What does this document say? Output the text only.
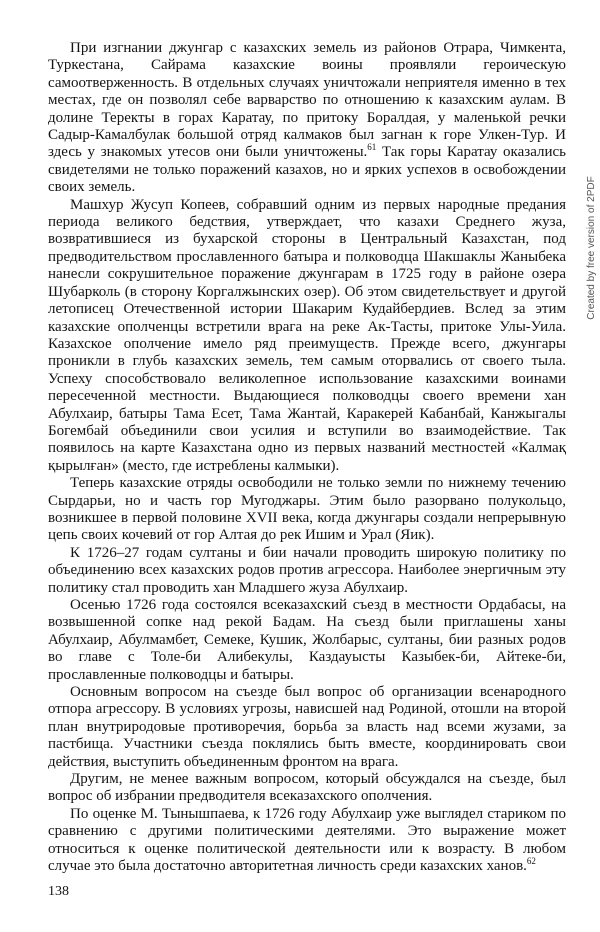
При изгнании джунгар с казахских земель из районов Отрара, Чимкента, Туркестана, Сайрама казахские воины проявляли героическую самоотверженность. В отдельных случаях уничтожали неприятеля именно в тех местах, где он позволял себе варварство по отношению к казахским аулам. В долине Теректы в горах Каратау, по притоку Боралдая, у маленькой речки Садыр-Камалбулак большой отряд калмаков был загнан к горе Улкен-Тур. И здесь у знакомых утесов они были уничтожены.$^{61}$ Так горы Каратау оказались свидетелями не только поражений казахов, но и ярких успехов в освобождении своих земель.

Машхур Жусуп Копеев, собравший одним из первых народные предания периода великого бедствия, утверждает, что казахи Среднего жуза, возвратившиеся из бухарской стороны в Центральный Казахстан, под предводительством прославленного батыра и полководца Шакшаклы Жаныбека нанесли сокрушительное поражение джунгарам в 1725 году в районе озера Шубарколь (в сторону Коргалжынских озер). Об этом свидетельствует и другой летописец Отечественной истории Шакарим Кудайбердиев. Вслед за этим казахские ополченцы встретили врага на реке Ак-Тасты, притоке Улы-Уила. Казахское ополчение имело ряд преимуществ. Прежде всего, джунгары проникли в глубь казахских земель, тем самым оторвались от своего тыла. Успеху способствовало великолепное использование казахскими воинами пересеченной местности. Выдающиеся полководцы своего времени хан Абулхаир, батыры Тама Есет, Тама Жантай, Каракерей Кабанбай, Канжыгалы Богембай объединили свои усилия и вступили во взаимодействие. Так появилось на карте Казахстана одно из первых названий местностей «Калмақ қырылған» (место, где истреблены калмыки).

Теперь казахские отряды освободили не только земли по нижнему течению Сырдарьи, но и часть гор Мугоджары. Этим было разорвано полукольцо, возникшее в первой половине XVII века, когда джунгары создали непрерывную цепь своих кочевий от гор Алтая до рек Ишим и Урал (Яик).

К 1726–27 годам султаны и бии начали проводить широкую политику по объединению всех казахских родов против агрессора. Наиболее энергичным эту политику стал проводить хан Младшего жуза Абулхаир.

Осенью 1726 года состоялся всеказахский съезд в местности Ордабасы, на возвышенной сопке над рекой Бадам. На съезд были приглашены ханы Абулхаир, Абулмамбет, Семеке, Кушик, Жолбарыс, султаны, бии разных родов во главе с Толе-би Алибекулы, Каздауысты Казыбек-би, Айтеке-би, прославленные полководцы и батыры.

Основным вопросом на съезде был вопрос об организации всенародного отпора агрессору. В условиях угрозы, нависшей над Родиной, отошли на второй план внутриродовые противоречия, борьба за власть над всеми жузами, за пастбища. Участники съезда поклялись быть вместе, координировать свои действия, выступить объединенным фронтом на врага.

Другим, не менее важным вопросом, который обсуждался на съезде, был вопрос об избрании предводителя всеказахского ополчения.

По оценке М. Тынышпаева, к 1726 году Абулхаир уже выглядел стариком по сравнению с другими политическими деятелями. Это выражение может относиться к оценке политической деятельности или к возрасту. В любом случае это была достаточно авторитетная личность среди казахских ханов.$^{62}$

Created by free version of 2PDF
138
